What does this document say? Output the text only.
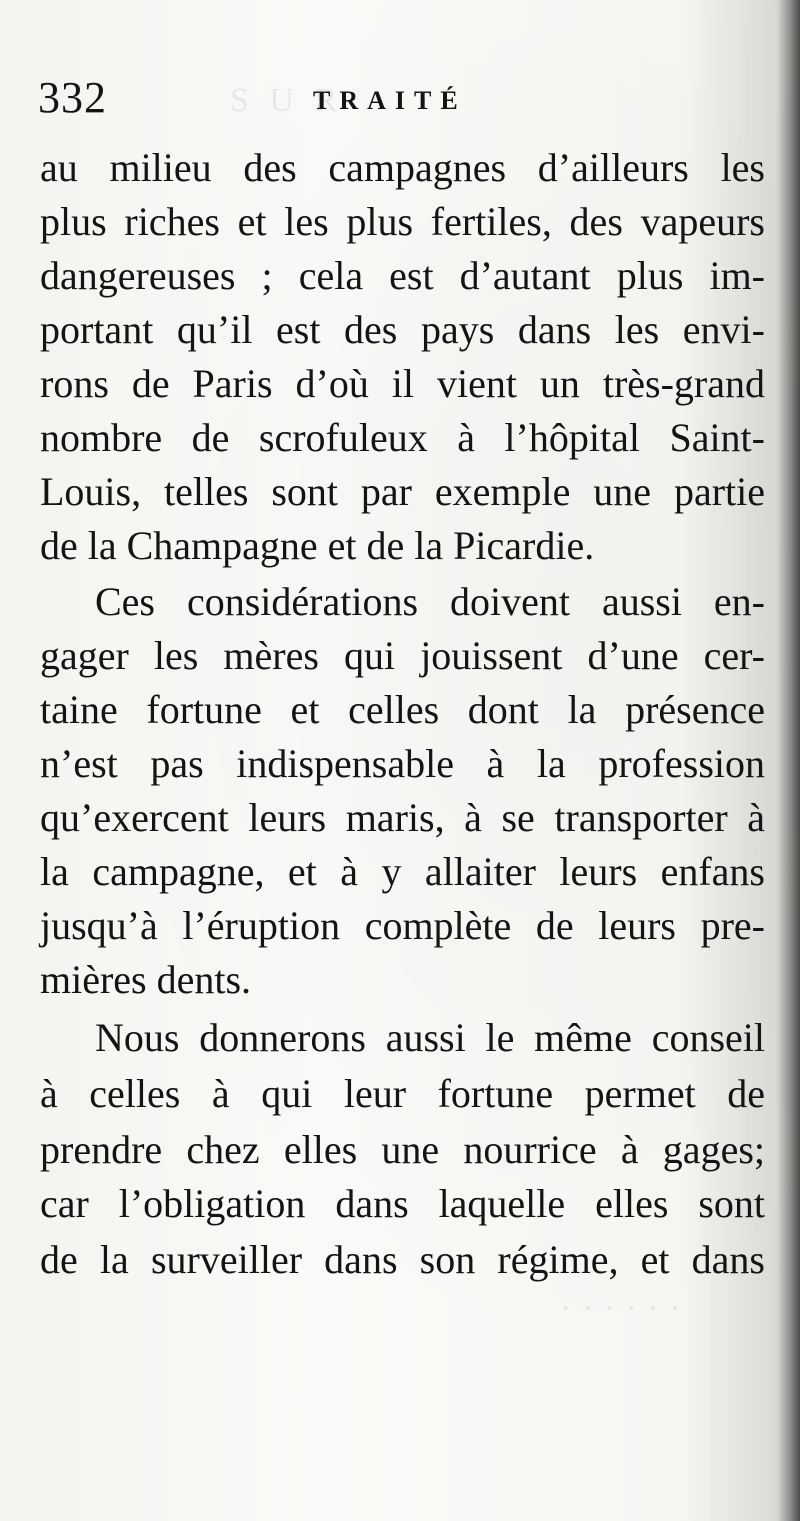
S U R
· · · · · ·
332	TRAITÉ
au milieu des campagnes d’ailleurs les
plus riches et les plus fertiles, des vapeurs
dangereuses ; cela est d’autant plus im-
portant qu’il est des pays dans les envi-
rons de Paris d’où il vient un très-grand
nombre de scrofuleux à l’hôpital Saint-
Louis, telles sont par exemple une partie
de la Champagne et de la Picardie.
Ces considérations doivent aussi en-
gager les mères qui jouissent d’une cer-
taine fortune et celles dont la présence
n’est pas indispensable à la profession
qu’exercent leurs maris, à se transporter à
la campagne, et à y allaiter leurs enfans
jusqu’à l’éruption complète de leurs pre-
mières dents.
Nous donnerons aussi le même conseil
à celles à qui leur fortune permet de
prendre chez elles une nourrice à gages;
car l’obligation dans laquelle elles sont
de la surveiller dans son régime, et dans
